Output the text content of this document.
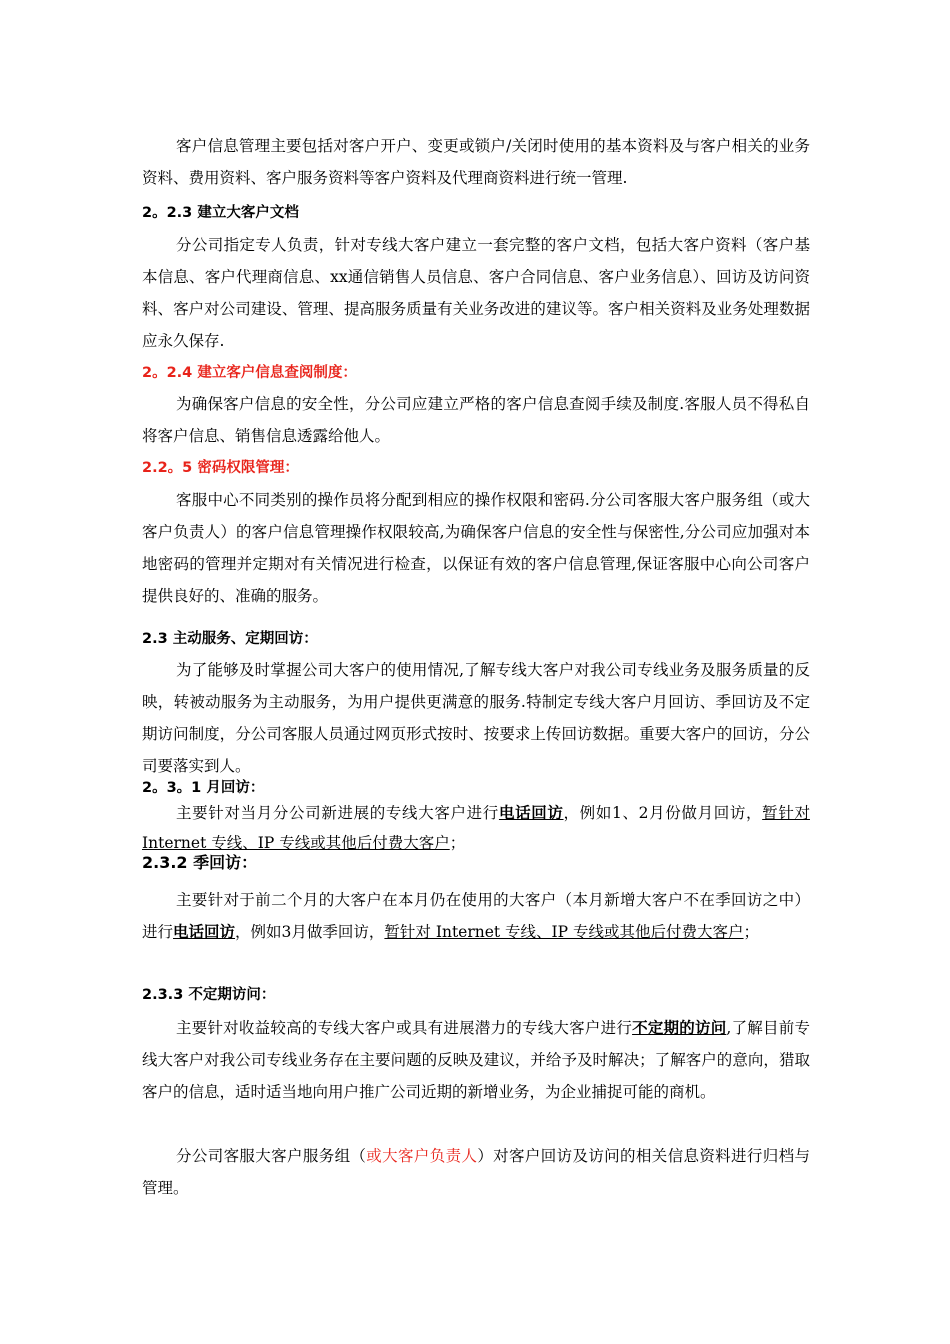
客户信息管理主要包括对客户开户、变更或锁户/关闭时使用的基本资料及与客户相关的业务资料、费用资料、客户服务资料等客户资料及代理商资料进行统一管理.

2。2.3 建立大客户文档

分公司指定专人负责，针对专线大客户建立一套完整的客户文档，包括大客户资料（客户基本信息、客户代理商信息、xx通信销售人员信息、客户合同信息、客户业务信息）、回访及访问资料、客户对公司建设、管理、提高服务质量有关业务改进的建议等。客户相关资料及业务处理数据应永久保存.

2。2.4 建立客户信息查阅制度：

为确保客户信息的安全性，分公司应建立严格的客户信息查阅手续及制度.客服人员不得私自将客户信息、销售信息透露给他人。

2.2。5 密码权限管理：

客服中心不同类别的操作员将分配到相应的操作权限和密码.分公司客服大客户服务组（或大客户负责人）的客户信息管理操作权限较高,为确保客户信息的安全性与保密性,分公司应加强对本地密码的管理并定期对有关情况进行检查，以保证有效的客户信息管理,保证客服中心向公司客户提供良好的、准确的服务。

2.3 主动服务、定期回访：

为了能够及时掌握公司大客户的使用情况,了解专线大客户对我公司专线业务及服务质量的反映，转被动服务为主动服务，为用户提供更满意的服务.特制定专线大客户月回访、季回访及不定期访问制度，分公司客服人员通过网页形式按时、按要求上传回访数据。重要大客户的回访，分公司要落实到人。

2。3。1 月回访：

主要针对当月分公司新进展的专线大客户进行电话回访，例如1、2月份做月回访，暂针对 Internet 专线、IP 专线或其他后付费大客户；

2.3.2 季回访：

主要针对于前二个月的大客户在本月仍在使用的大客户（本月新增大客户不在季回访之中）进行电话回访，例如3月做季回访，暂针对 Internet 专线、IP 专线或其他后付费大客户；

2.3.3 不定期访问：

主要针对收益较高的专线大客户或具有进展潜力的专线大客户进行不定期的访问,了解目前专线大客户对我公司专线业务存在主要问题的反映及建议，并给予及时解决；了解客户的意向，猎取客户的信息，适时适当地向用户推广公司近期的新增业务，为企业捕捉可能的商机。

分公司客服大客户服务组（或大客户负责人）对客户回访及访问的相关信息资料进行归档与管理。
